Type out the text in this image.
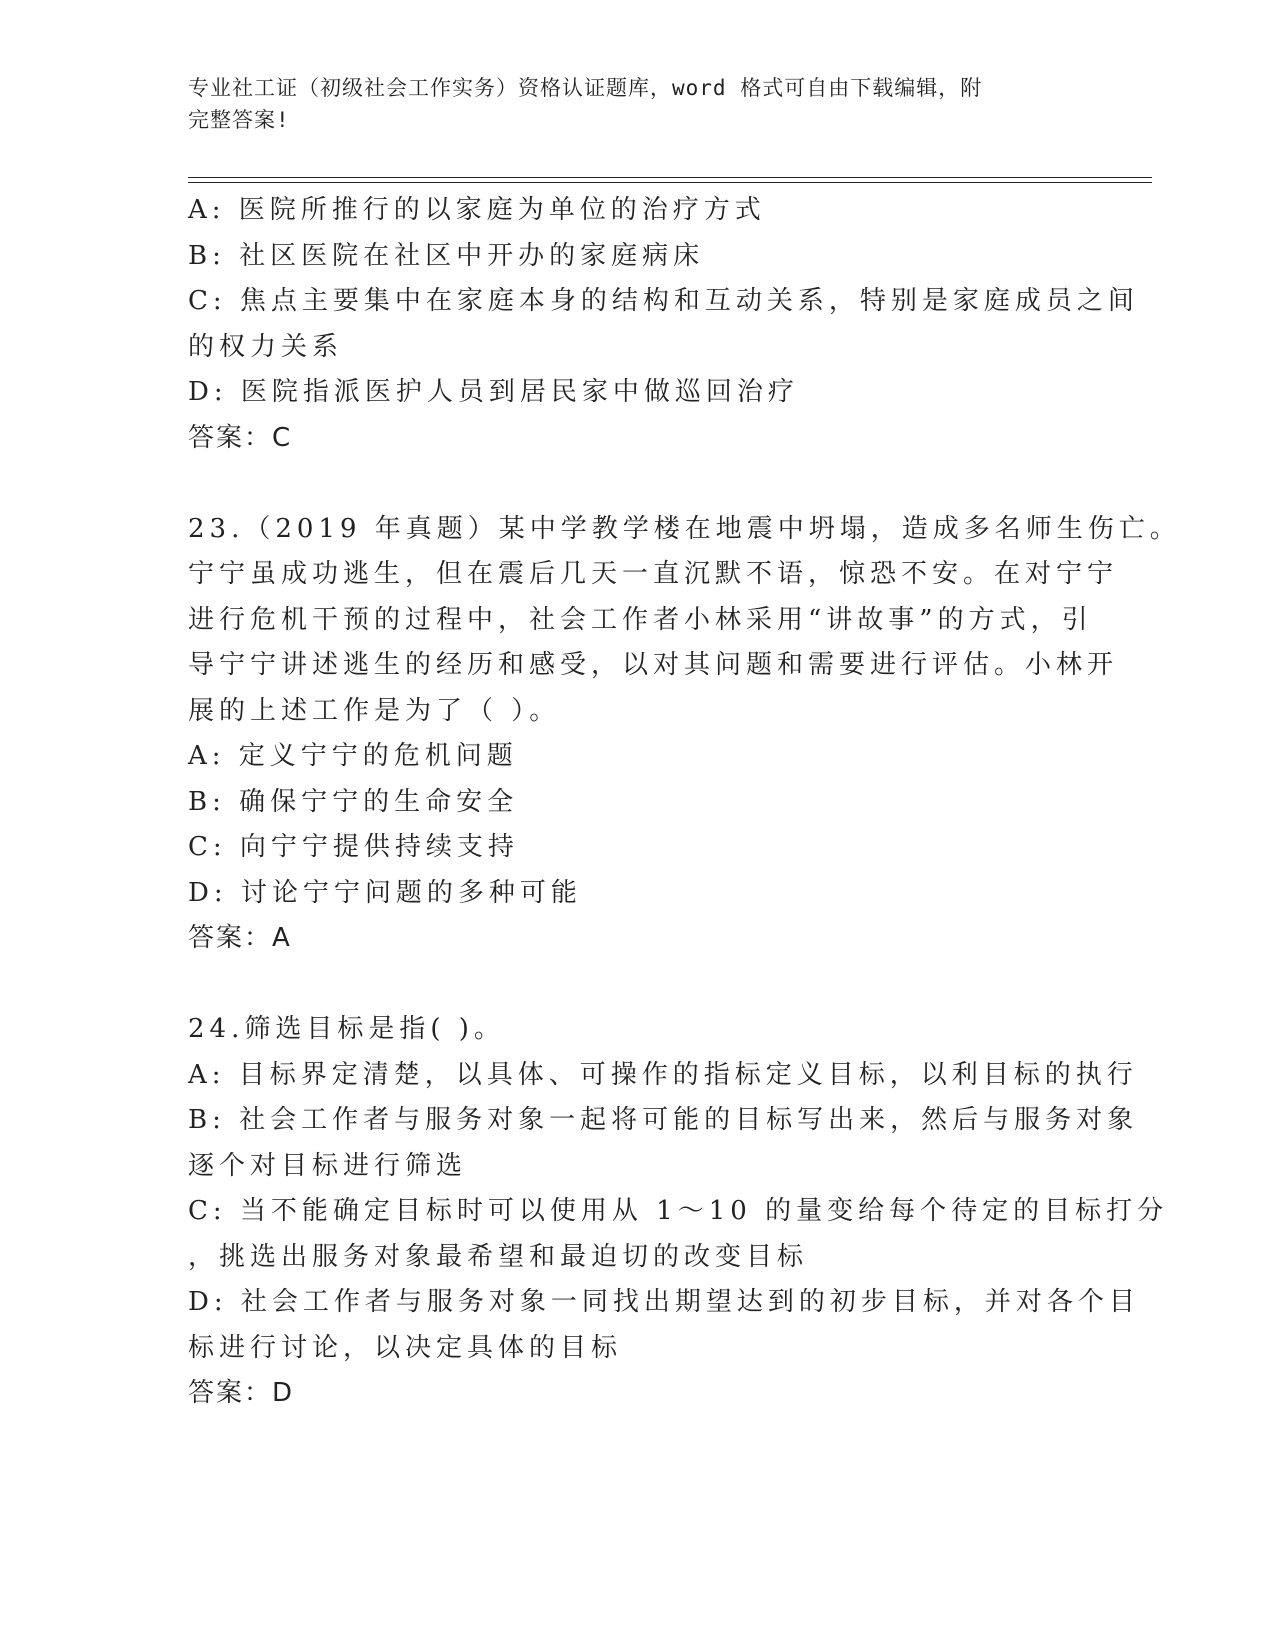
专业社工证（初级社会工作实务）资格认证题库，word 格式可自由下载编辑，附
完整答案!
A: 医院所推行的以家庭为单位的治疗方式
B: 社区医院在社区中开办的家庭病床
C: 焦点主要集中在家庭本身的结构和互动关系，特别是家庭成员之间
的权力关系
D: 医院指派医护人员到居民家中做巡回治疗
答案：C
23.（2019 年真题）某中学教学楼在地震中坍塌，造成多名师生伤亡。
宁宁虽成功逃生，但在震后几天一直沉默不语，惊恐不安。在对宁宁
进行危机干预的过程中，社会工作者小林采用“讲故事”的方式，引
导宁宁讲述逃生的经历和感受，以对其问题和需要进行评估。小林开
展的上述工作是为了（ ）。
A: 定义宁宁的危机问题
B: 确保宁宁的生命安全
C: 向宁宁提供持续支持
D: 讨论宁宁问题的多种可能
答案：A
24.筛选目标是指( )。
A: 目标界定清楚，以具体、可操作的指标定义目标，以利目标的执行
B: 社会工作者与服务对象一起将可能的目标写出来，然后与服务对象
逐个对目标进行筛选
C: 当不能确定目标时可以使用从 1～10 的量变给每个待定的目标打分
，挑选出服务对象最希望和最迫切的改变目标
D: 社会工作者与服务对象一同找出期望达到的初步目标，并对各个目
标进行讨论，以决定具体的目标
答案：D
